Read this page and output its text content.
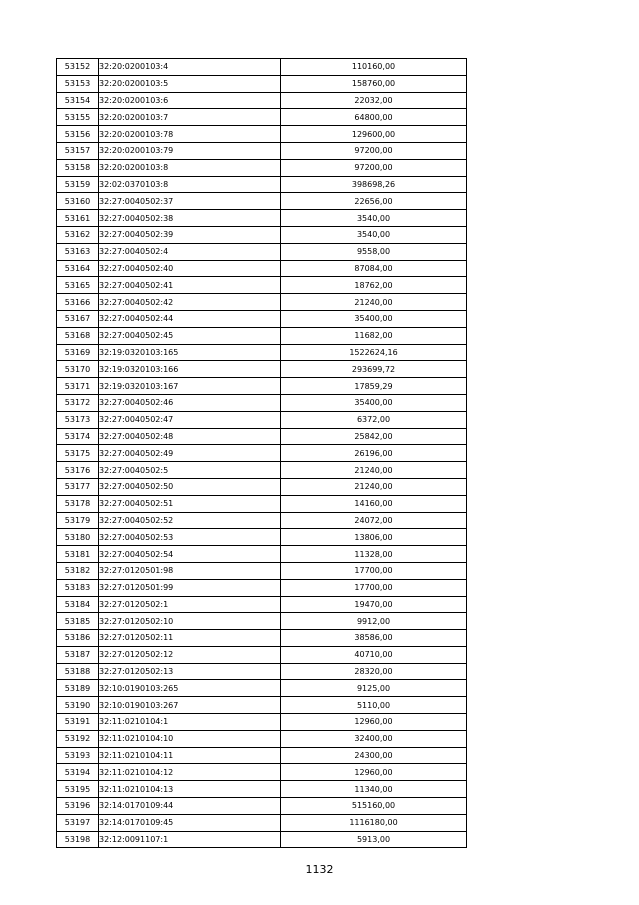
53152	32:20:0200103:4	110160,00
53153	32:20:0200103:5	158760,00
53154	32:20:0200103:6	22032,00
53155	32:20:0200103:7	64800,00
53156	32:20:0200103:78	129600,00
53157	32:20:0200103:79	97200,00
53158	32:20:0200103:8	97200,00
53159	32:02:0370103:8	398698,26
53160	32:27:0040502:37	22656,00
53161	32:27:0040502:38	3540,00
53162	32:27:0040502:39	3540,00
53163	32:27:0040502:4	9558,00
53164	32:27:0040502:40	87084,00
53165	32:27:0040502:41	18762,00
53166	32:27:0040502:42	21240,00
53167	32:27:0040502:44	35400,00
53168	32:27:0040502:45	11682,00
53169	32:19:0320103:165	1522624,16
53170	32:19:0320103:166	293699,72
53171	32:19:0320103:167	17859,29
53172	32:27:0040502:46	35400,00
53173	32:27:0040502:47	6372,00
53174	32:27:0040502:48	25842,00
53175	32:27:0040502:49	26196,00
53176	32:27:0040502:5	21240,00
53177	32:27:0040502:50	21240,00
53178	32:27:0040502:51	14160,00
53179	32:27:0040502:52	24072,00
53180	32:27:0040502:53	13806,00
53181	32:27:0040502:54	11328,00
53182	32:27:0120501:98	17700,00
53183	32:27:0120501:99	17700,00
53184	32:27:0120502:1	19470,00
53185	32:27:0120502:10	9912,00
53186	32:27:0120502:11	38586,00
53187	32:27:0120502:12	40710,00
53188	32:27:0120502:13	28320,00
53189	32:10:0190103:265	9125,00
53190	32:10:0190103:267	5110,00
53191	32:11:0210104:1	12960,00
53192	32:11:0210104:10	32400,00
53193	32:11:0210104:11	24300,00
53194	32:11:0210104:12	12960,00
53195	32:11:0210104:13	11340,00
53196	32:14:0170109:44	515160,00
53197	32:14:0170109:45	1116180,00
53198	32:12:0091107:1	5913,00
1132
